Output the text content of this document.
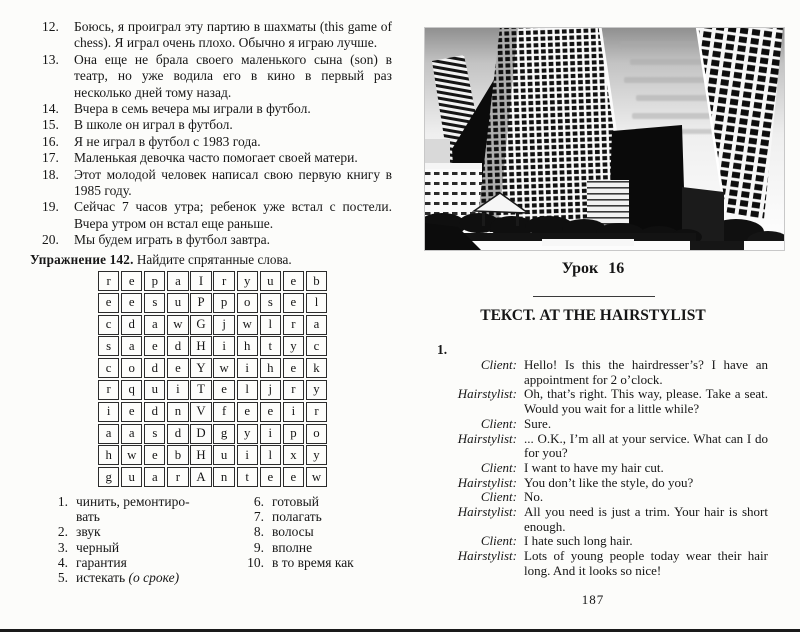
12.	Боюсь, я проиграл эту партию в шахматы (this game of chess). Я играл очень плохо. Обычно я играю лучше.
13.	Она еще не брала своего маленького сына (son) в театр, но уже водила его в кино в первый раз несколько дней тому назад.
14.	Вчера в семь вечера мы играли в футбол.
15.	В школе он играл в футбол.
16.	Я не играл в футбол с 1983 года.
17.	Маленькая девочка часто помогает своей матери.
18.	Этот молодой человек написал свою первую книгу в 1985 году.
19.	Сейчас 7 часов утра; ребенок уже встал с постели. Вчера утром он встал еще раньше.
20.	Мы будем играть в футбол завтра.
Упражнение 142. Найдите спрятанные слова.
r	e	p	a	I	r	y	u	e	b
e	e	s	u	P	p	o	s	e	l
c	d	a	w	G	j	w	l	r	a
s	a	e	d	H	i	h	t	y	c
c	o	d	e	Y	w	i	h	e	k
r	q	u	i	T	e	l	j	r	y
i	e	d	n	V	f	e	e	i	r
a	a	s	d	D	g	y	i	p	o
h	w	e	b	H	u	i	l	x	y
g	u	a	r	A	n	t	e	e	w
1. чинить, ремонтировать
2. звук
3. черный
4. гарантия
5. истекать (о сроке)
6. готовый
7. полагать
8. волосы
9. вполне
10. в то время как
Урок 16
ТЕКСТ. AT THE HAIRSTYLIST
1.
Client: Hello! Is this the hairdresser’s? I have an appointment for 2 o’clock.
Hairstylist: Oh, that’s right. This way, please. Take a seat. Would you wait for a little while?
Client: Sure.
Hairstylist: ... O.K., I’m all at your service. What can I do for you?
Client: I want to have my hair cut.
Hairstylist: You don’t like the style, do you?
Client: No.
Hairstylist: All you need is just a trim. Your hair is short enough.
Client: I hate such long hair.
Hairstylist: Lots of young people today wear their hair long. And it looks so nice!
187
